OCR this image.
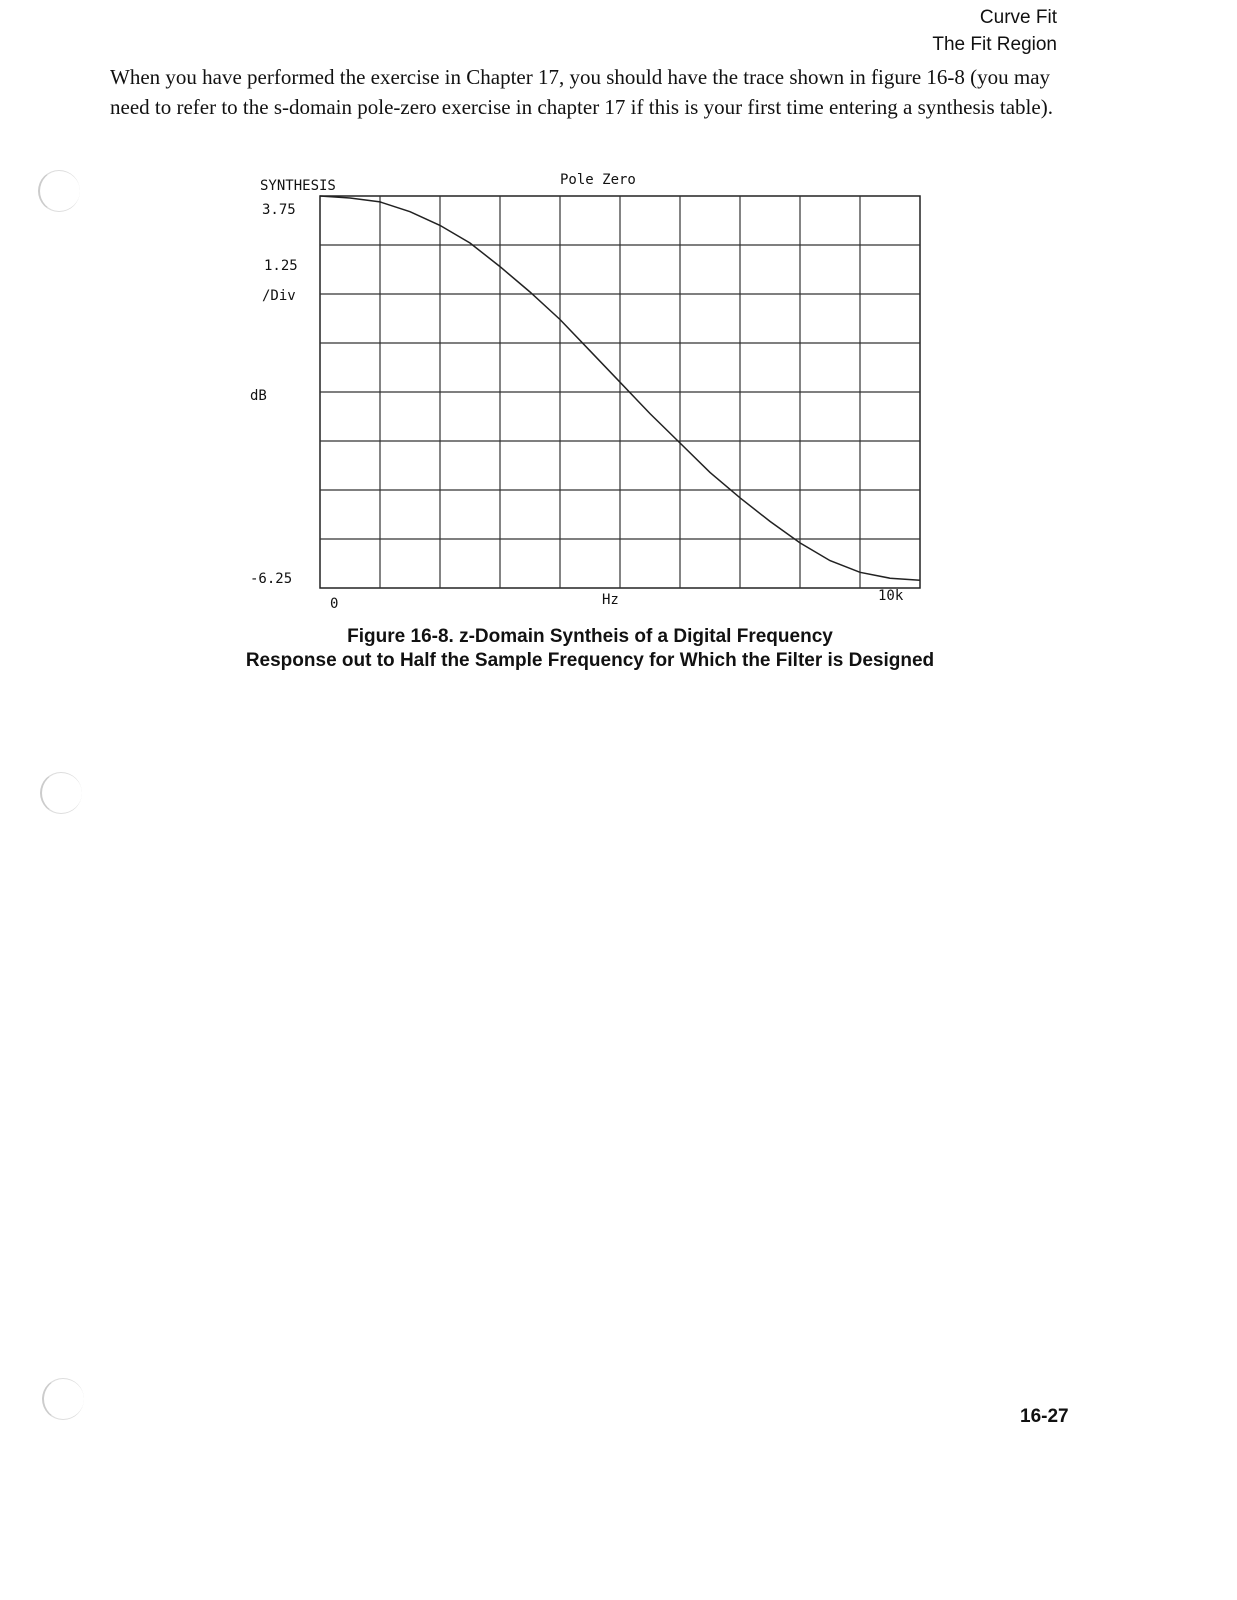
Curve Fit
The Fit Region

When you have performed the exercise in Chapter 17, you should have the trace shown in figure 16-8 (you may need to refer to the s-domain pole-zero exercise in chapter 17 if this is your first time entering a synthesis table).

SYNTHESIS	Pole Zero
3.75
1.25
/Div
dB
-6.25
0	Hz	10k
Figure 16-8. z-Domain Syntheis of a Digital Frequency
Response out to Half the Sample Frequency for Which the Filter is Designed
16-27
